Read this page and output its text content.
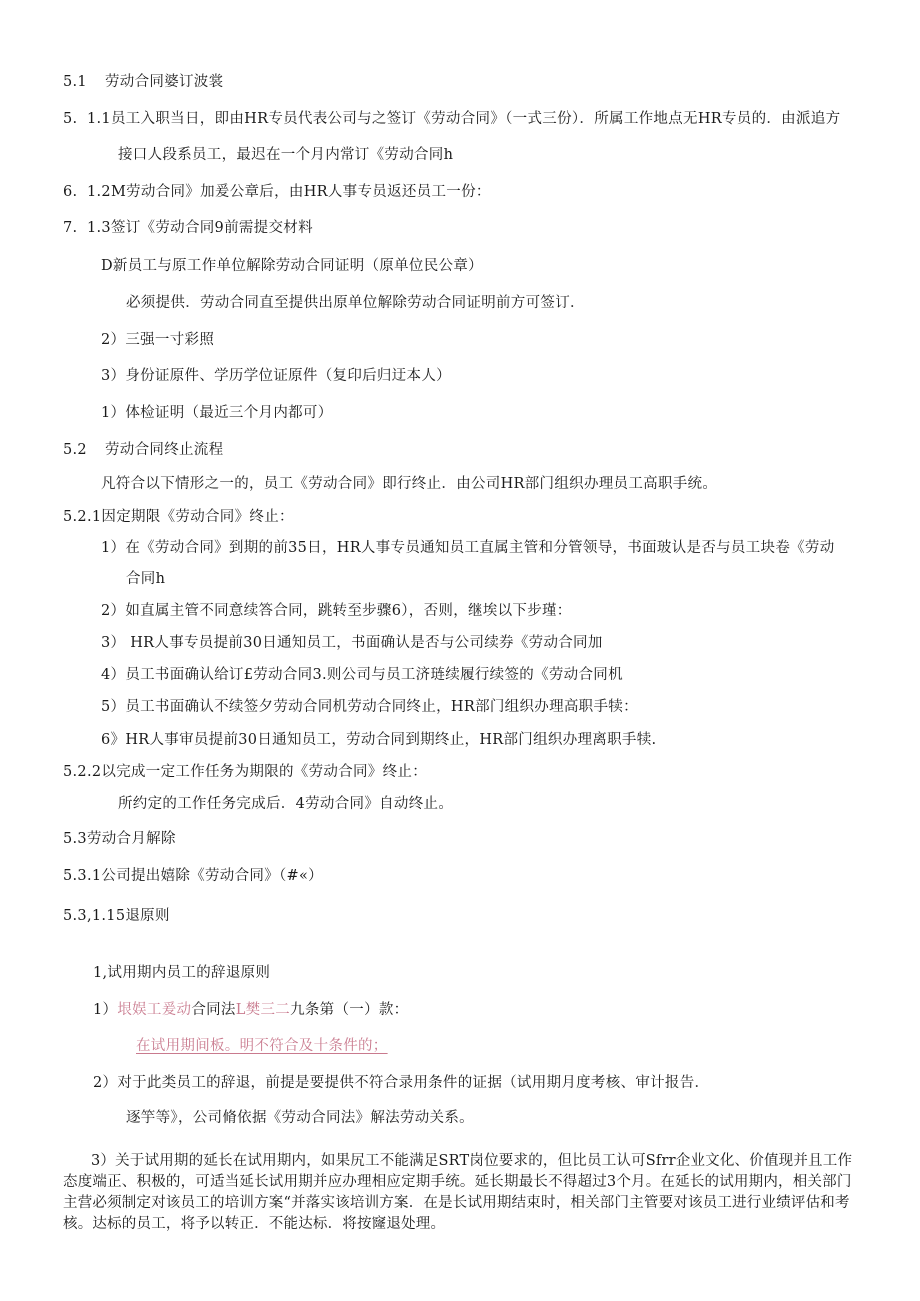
5.1 劳动合同婆订波裳
5. 1.1员工入职当日，即由HR专员代表公司与之签订《劳动合同》（一式三份）．所属工作地点无HR专员的．由派追方
接口人段系员工，最迟在一个月内常订《劳动合同h
6. 1.2M劳动合同》加爰公章后，由HR人事专员返还员工一份：
7. 1.3签订《劳动合同9前需提交材料
D新员工与原工作单位解除劳动合同证明（原单位民公章）
必须提供．劳动合同直至提供出原单位解除劳动合同证明前方可签订．
2）三强一寸彩照
3）身份证原件、学历学位证原件（复印后归迂本人）
1）体检证明（最近三个月内都可）
5.2 劳动合同终止流程
凡符合以下情形之一的，员工《劳动合同》即行终止．由公司HR部门组织办理员工高职手统。
5.2.1因定期限《劳动合同》终止：
1）在《劳动合同》到期的前35日，HR人事专员通知员工直属主管和分管领导，书面玻认是否与员工块卷《劳动
合同h
2）如直属主管不同意续答合同，跳转至步骤6），否则，继埃以下步瑾：
3） HR人事专员提前30日通知员工，书面确认是否与公司续券《劳动合同加
4）员工书面确认给订£劳动合同3.则公司与员工济琏续履行续签的《劳动合同机
5）员工书面确认不续签夕劳动合同机劳动合同终止，HR部门组织办理高职手犊：
6》HR人事审员提前30日通知员工，劳动合同到期终止，HR部门组织办理离职手犊.
5.2.2以完成一定工作任务为期限的《劳动合同》终止：
所约定的工作任务完成后．4劳动合同》自动终止。
5.3劳动合月解除
5.3.1公司提出嬉除《劳动合同》（#«）
5.3,1.15退原则
1,试用期内员工的辞退原则
1）垠娱工爰动合同法L樊三二九条第（一）款：
在试用期间板。明不符合及十条件的；
2）对于此类员工的辞退，前提是要提供不符合录用条件的证据（试用期月度考核、审计报告．
逐竽等》，公司脩依据《劳动合同法》解法劳动关系。
3）关于试用期的延长在试用期内，如果尻工不能满足SRT岗位要求的，但比员工认可Sfrr企业文化、价值现并且工作态度端正、积极的，可适当延长试用期并应办理相应定期手统。延长期最长不得超过3个月。在延长的试用期内，相关部门主营必须制定对该员工的培训方案“并落实该培训方案．在是长试用期结束时，相关部门主管要对该员工进行业绩评估和考核。达标的员工，将予以转正．不能达标．将按窿退处理。
